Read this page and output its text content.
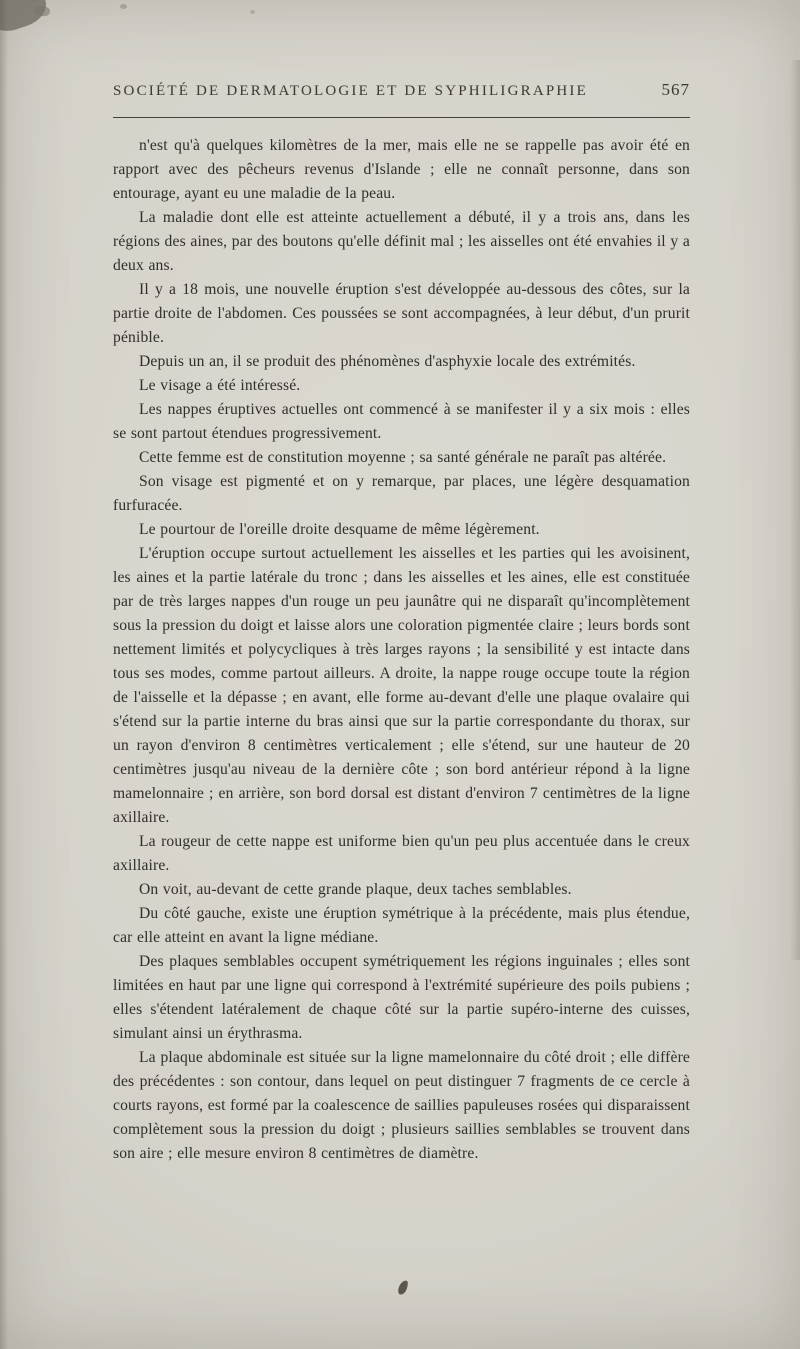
SOCIÉTÉ DE DERMATOLOGIE ET DE SYPHILIGRAPHIE	567

n'est qu'à quelques kilomètres de la mer, mais elle ne se rappelle pas avoir été en rapport avec des pêcheurs revenus d'Islande ; elle ne connaît personne, dans son entourage, ayant eu une maladie de la peau.

La maladie dont elle est atteinte actuellement a débuté, il y a trois ans, dans les régions des aines, par des boutons qu'elle définit mal ; les aisselles ont été envahies il y a deux ans.

Il y a 18 mois, une nouvelle éruption s'est développée au-dessous des côtes, sur la partie droite de l'abdomen. Ces poussées se sont accompagnées, à leur début, d'un prurit pénible.

Depuis un an, il se produit des phénomènes d'asphyxie locale des extrémités.

Le visage a été intéressé.

Les nappes éruptives actuelles ont commencé à se manifester il y a six mois : elles se sont partout étendues progressivement.

Cette femme est de constitution moyenne ; sa santé générale ne paraît pas altérée.

Son visage est pigmenté et on y remarque, par places, une légère desquamation furfuracée.

Le pourtour de l'oreille droite desquame de même légèrement.

L'éruption occupe surtout actuellement les aisselles et les parties qui les avoisinent, les aines et la partie latérale du tronc ; dans les aisselles et les aines, elle est constituée par de très larges nappes d'un rouge un peu jaunâtre qui ne disparaît qu'incomplètement sous la pression du doigt et laisse alors une coloration pigmentée claire ; leurs bords sont nettement limités et polycycliques à très larges rayons ; la sensibilité y est intacte dans tous ses modes, comme partout ailleurs. A droite, la nappe rouge occupe toute la région de l'aisselle et la dépasse ; en avant, elle forme au-devant d'elle une plaque ovalaire qui s'étend sur la partie interne du bras ainsi que sur la partie correspondante du thorax, sur un rayon d'environ 8 centimètres verticalement ; elle s'étend, sur une hauteur de 20 centimètres jusqu'au niveau de la dernière côte ; son bord antérieur répond à la ligne mamelonnaire ; en arrière, son bord dorsal est distant d'environ 7 centimètres de la ligne axillaire.

La rougeur de cette nappe est uniforme bien qu'un peu plus accentuée dans le creux axillaire.

On voit, au-devant de cette grande plaque, deux taches semblables.

Du côté gauche, existe une éruption symétrique à la précédente, mais plus étendue, car elle atteint en avant la ligne médiane.

Des plaques semblables occupent symétriquement les régions inguinales ; elles sont limitées en haut par une ligne qui correspond à l'extrémité supérieure des poils pubiens ; elles s'étendent latéralement de chaque côté sur la partie supéro-interne des cuisses, simulant ainsi un érythrasma.

La plaque abdominale est située sur la ligne mamelonnaire du côté droit ; elle diffère des précédentes : son contour, dans lequel on peut distinguer 7 fragments de ce cercle à courts rayons, est formé par la coalescence de saillies papuleuses rosées qui disparaissent complètement sous la pression du doigt ; plusieurs saillies semblables se trouvent dans son aire ; elle mesure environ 8 centimètres de diamètre.
